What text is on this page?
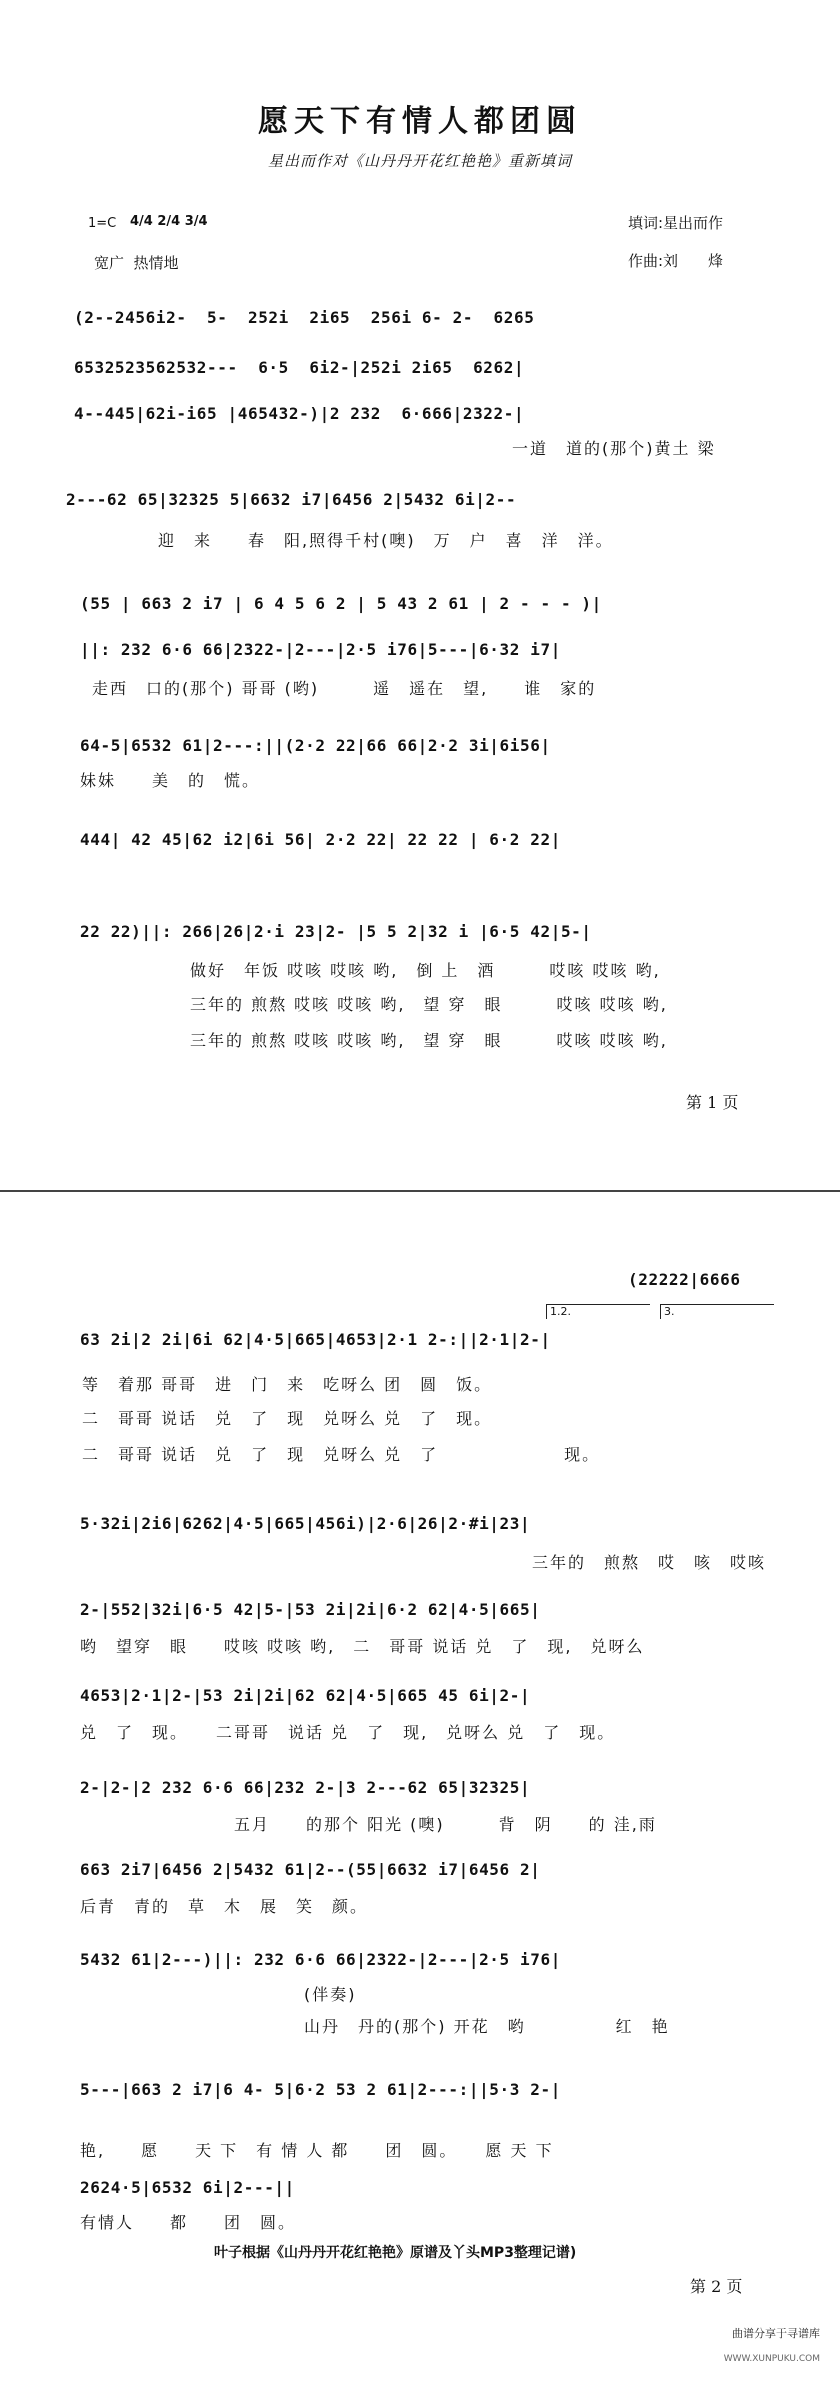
愿天下有情人都团圆
星出而作对《山丹丹开花红艳艳》重新填词
1=C 4/4 2/4 3/4	填词:星出而作
作曲:刘　　烽
宽广  热情地
(2--2456i2-  5-  252i  2i65  256i 6- 2-  6265
6532523562532---  6·5  6i2-|252i 2i65  6262|
4--445|62i-i65 |465432-)|2 232  6·666|2322-|
一道　道的(那个)黄土 梁
2---62 65|32325 5|6632 i7|6456 2|5432 6i|2--
迎　来　　春　阳,照得千村(噢)　万　户　喜　洋　洋。
(55 | 663 2 i7 | 6 4 5 6 2 | 5 43 2 61 | 2 - - - )|
||: 232 6·6 66|2322-|2---|2·5 i76|5---|6·32 i7|
走西　口的(那个) 哥哥 (哟)　　　遥　遥在　望,　　谁　家的
64-5|6532 61|2---:||(2·2 22|66 66|2·2 3i|6i56|
妹妹　　美　的　慌。
444| 42 45|62 i2|6i 56| 2·2 22| 22 22 | 6·2 22|
22 22)||: 266|26|2·i 23|2- |5 5 2|32 i |6·5 42|5-|
做好　年饭 哎咳 哎咳 哟,　倒 上　酒　　　哎咳 哎咳 哟,
三年的 煎熬 哎咳 哎咳 哟,　望 穿　眼　　　哎咳 哎咳 哟,
三年的 煎熬 哎咳 哎咳 哟,　望 穿　眼　　　哎咳 哎咳 哟,
第 1 页
(22222|6666
1.2.	3.
63 2i|2 2i|6i 62|4·5|665|4653|2·1 2-:||2·1|2-|
等　着那 哥哥　进　门　来　吃呀么 团　圆　饭。
二　哥哥 说话　兑　了　现　兑呀么 兑　了　现。
二　哥哥 说话　兑　了　现　兑呀么 兑　了　　　　　　　现。
5·32i|2i6|6262|4·5|665|456i)|2·6|26|2·#i|23|
三年的　煎熬　哎　咳　哎咳
2-|552|32i|6·5 42|5-|53 2i|2i|6·2 62|4·5|665|
哟　望穿　眼　　哎咳 哎咳 哟,　二　哥哥 说话 兑　了　现,　兑呀么
4653|2·1|2-|53 2i|2i|62 62|4·5|665 45 6i|2-|
兑　了　现。　　二哥哥　说话 兑　了　现,　兑呀么 兑　了　现。
2-|2-|2 232 6·6 66|232 2-|3 2---62 65|32325|
五月　　的那个 阳光 (噢)　　　背　阴　　的 洼,雨
663 2i7|6456 2|5432 61|2--(55|6632 i7|6456 2|
后青　青的　草　木　展　笑　颜。
5432 61|2---)||: 232 6·6 66|2322-|2---|2·5 i76|
(伴奏)
山丹　丹的(那个) 开花　哟　　　　　红　艳
5---|663 2 i7|6 4- 5|6·2 53 2 61|2---:||5·3 2-|
艳,　　愿　　天 下　有 情 人 都　　团　圆。　　愿 天 下
2624·5|6532 6i|2---||
有情人　　都　　团　圆。
叶子根据《山丹丹开花红艳艳》原谱及丫头MP3整理记谱)
第 2 页

曲谱分享于寻谱库

WWW.XUNPUKU.COM
